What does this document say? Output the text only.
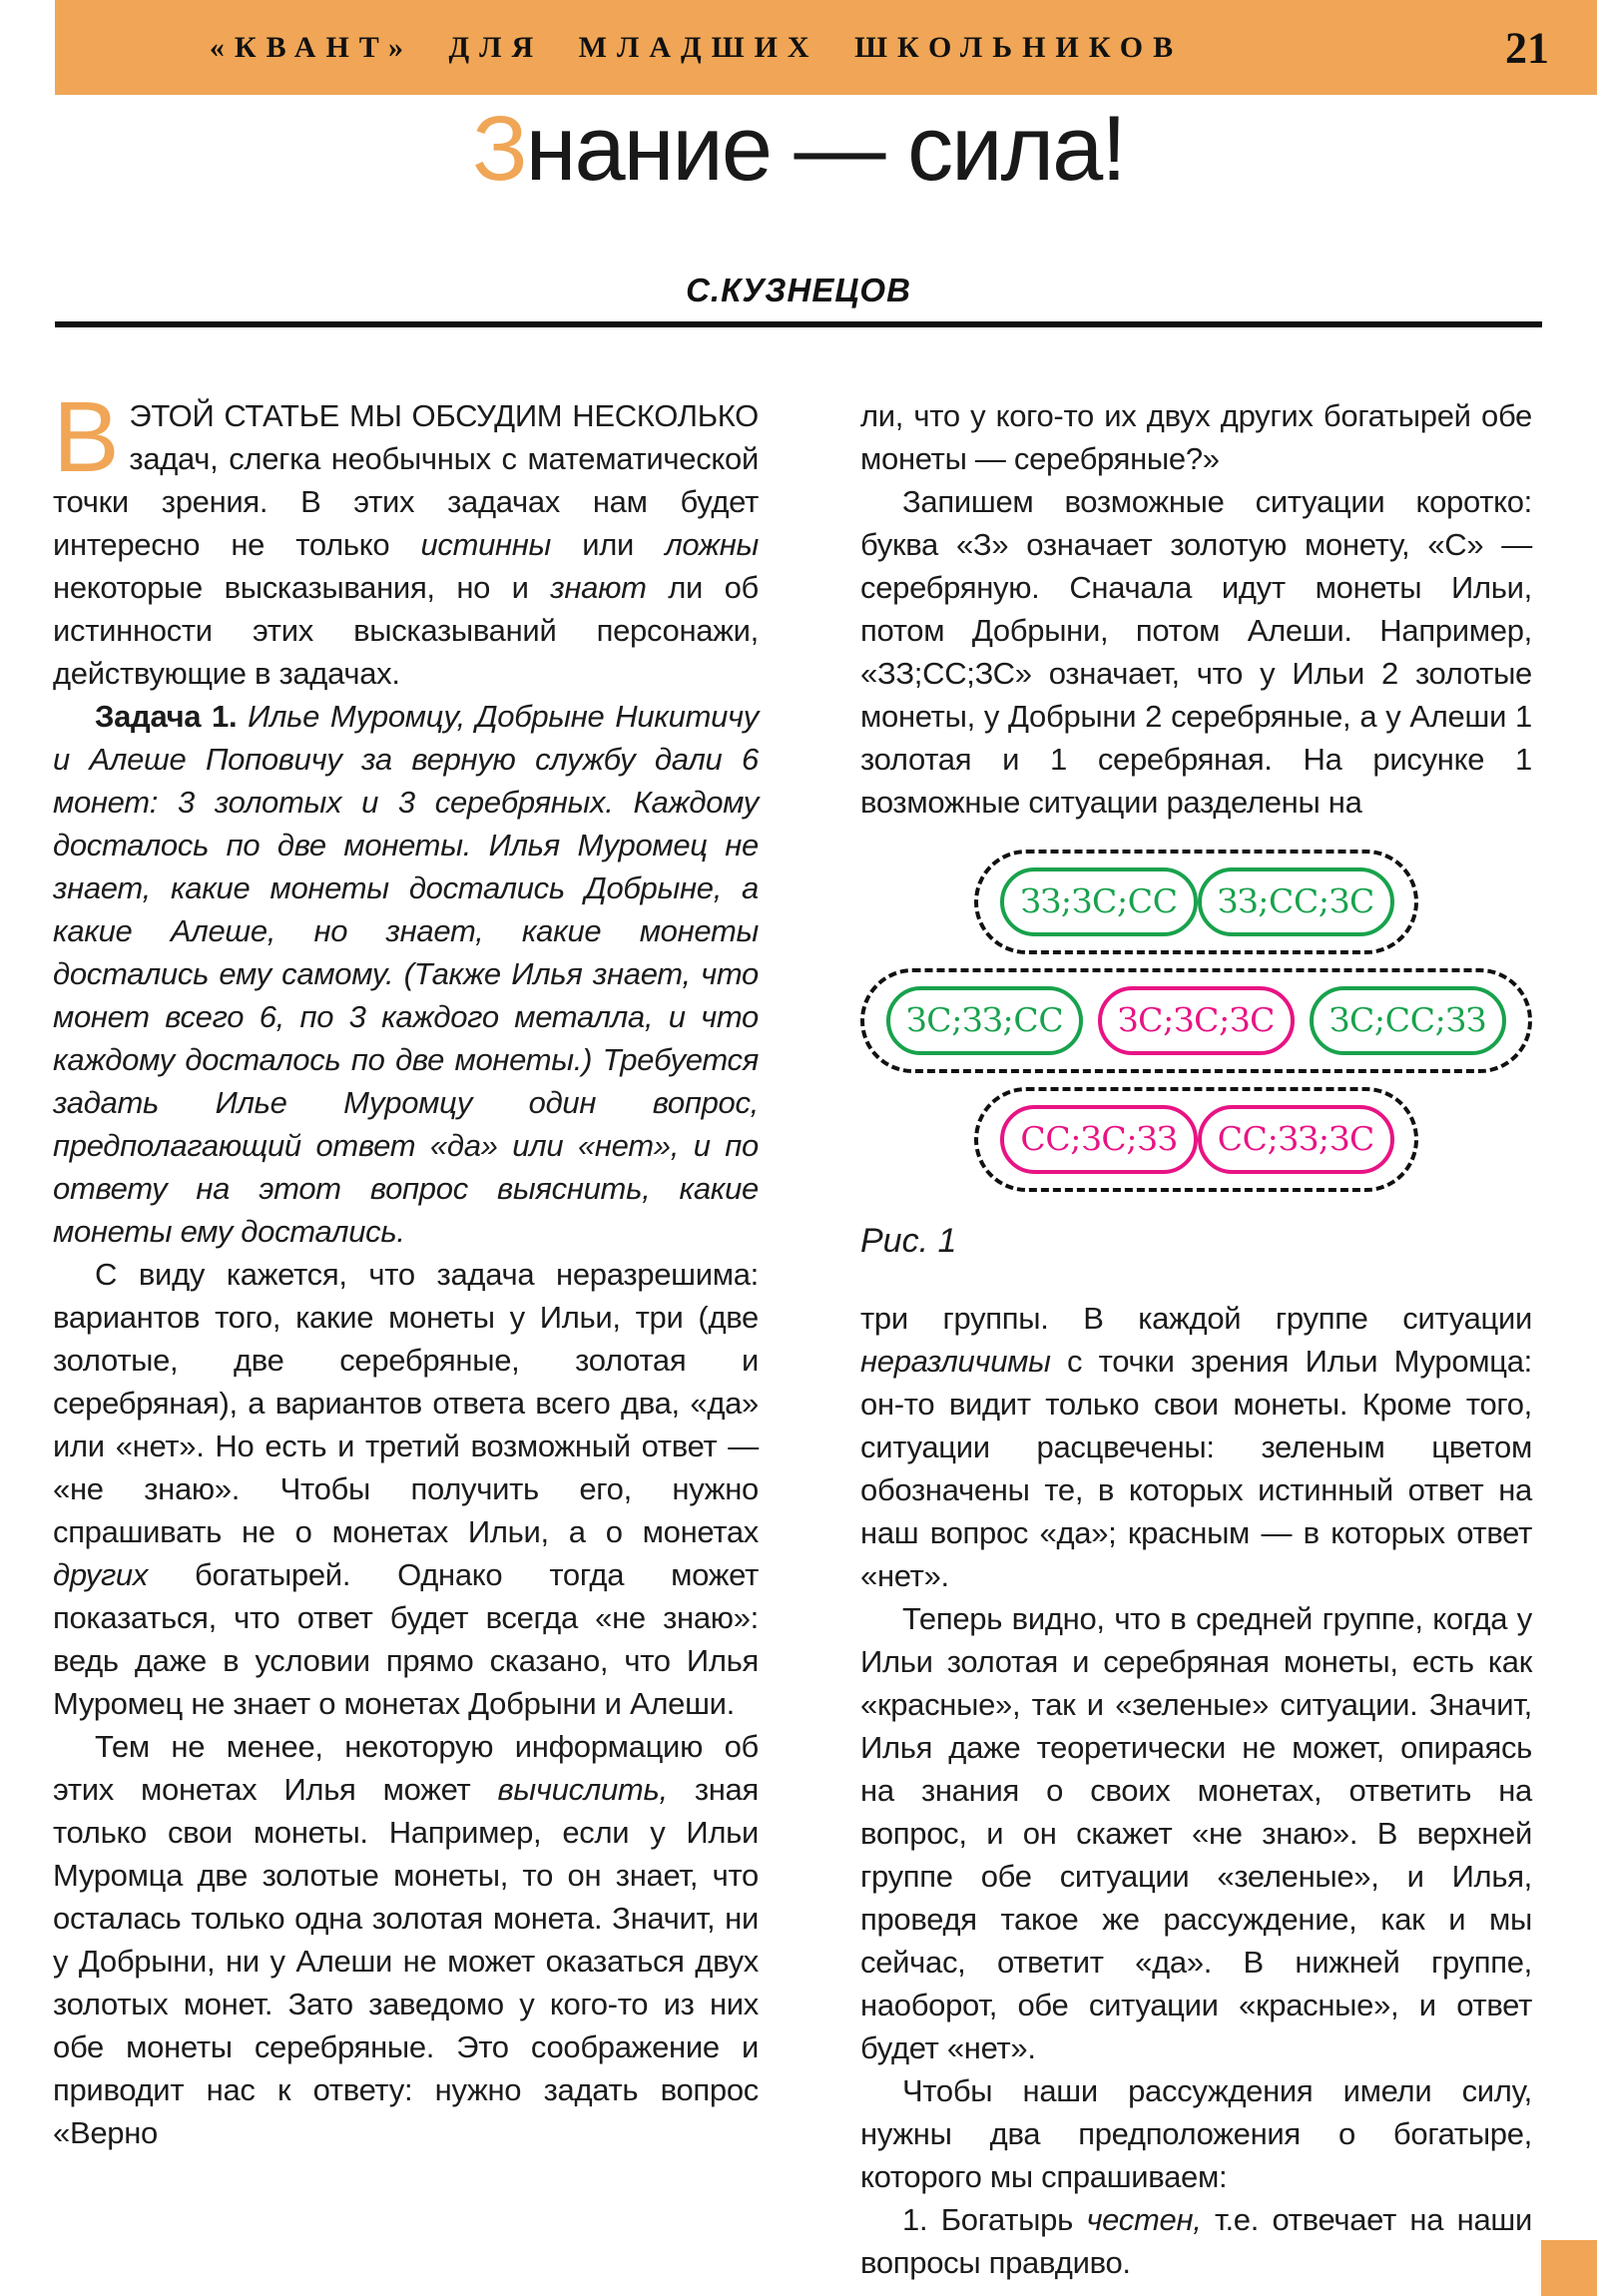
«КВАНТ» ДЛЯ МЛАДШИХ ШКОЛЬНИКОВ	21
Знание — сила!
С.КУЗНЕЦОВ

ВЭТОЙ СТАТЬЕ МЫ ОБСУДИМ НЕСКОЛЬКО задач, слегка необычных с математической точки зрения. В этих задачах нам будет интересно не только истинны или ложны некоторые высказывания, но и знают ли об истинности этих высказываний персонажи, действующие в задачах.

Задача 1. Илье Муромцу, Добрыне Никитичу и Алеше Поповичу за верную службу дали 6 монет: 3 золотых и 3 серебряных. Каждому досталось по две монеты. Илья Муромец не знает, какие монеты достались Добрыне, а какие Алеше, но знает, какие монеты достались ему самому. (Также Илья знает, что монет всего 6, по 3 каждого металла, и что каждому досталось по две монеты.) Требуется задать Илье Муромцу один вопрос, предполагающий ответ «да» или «нет», и по ответу на этот вопрос выяснить, какие монеты ему достались.

С виду кажется, что задача неразрешима: вариантов того, какие монеты у Ильи, три (две золотые, две серебряные, золотая и серебряная), а вариантов ответа всего два, «да» или «нет». Но есть и третий возможный ответ — «не знаю». Чтобы получить его, нужно спрашивать не о монетах Ильи, а о монетах других богатырей. Однако тогда может показаться, что ответ будет всегда «не знаю»: ведь даже в условии прямо сказано, что Илья Муромец не знает о монетах Добрыни и Алеши.

Тем не менее, некоторую информацию об этих монетах Илья может вычислить, зная только свои монеты. Например, если у Ильи Муромца две золотые монеты, то он знает, что осталась только одна золотая монета. Значит, ни у Добрыни, ни у Алеши не может оказаться двух золотых монет. Зато заведомо у кого-то из них обе монеты серебряные. Это соображение и приводит нас к ответу: нужно задать вопрос «Верно

ли, что у кого-то их двух других богатырей обе монеты — серебряные?»

Запишем возможные ситуации коротко: буква «З» означает золотую монету, «С» — серебряную. Сначала идут монеты Ильи, потом Добрыни, потом Алеши. Например, «ЗЗ;СС;ЗС» означает, что у Ильи 2 золотые монеты, у Добрыни 2 серебряные, а у Алеши 1 золотая и 1 серебряная. На рисунке 1 возможные ситуации разделены на

ЗЗ;ЗС;СС	ЗЗ;СС;ЗС
ЗС;ЗЗ;СС	ЗС;ЗС;ЗС	ЗС;СС;ЗЗ
СС;ЗС;ЗЗ	СС;ЗЗ;ЗС
Рис. 1

три группы. В каждой группе ситуации неразличимы с точки зрения Ильи Муромца: он-то видит только свои монеты. Кроме того, ситуации расцвечены: зеленым цветом обозначены те, в которых истинный ответ на наш вопрос «да»; красным — в которых ответ «нет».

Теперь видно, что в средней группе, когда у Ильи золотая и серебряная монеты, есть как «красные», так и «зеленые» ситуации. Значит, Илья даже теоретически не может, опираясь на знания о своих монетах, ответить на вопрос, и он скажет «не знаю». В верхней группе обе ситуации «зеленые», и Илья, проведя такое же рассуждение, как и мы сейчас, ответит «да». В нижней группе, наоборот, обе ситуации «красные», и ответ будет «нет».

Чтобы наши рассуждения имели силу, нужны два предположения о богатыре, которого мы спрашиваем:

1. Богатырь честен, т.е. отвечает на наши вопросы правдиво.
